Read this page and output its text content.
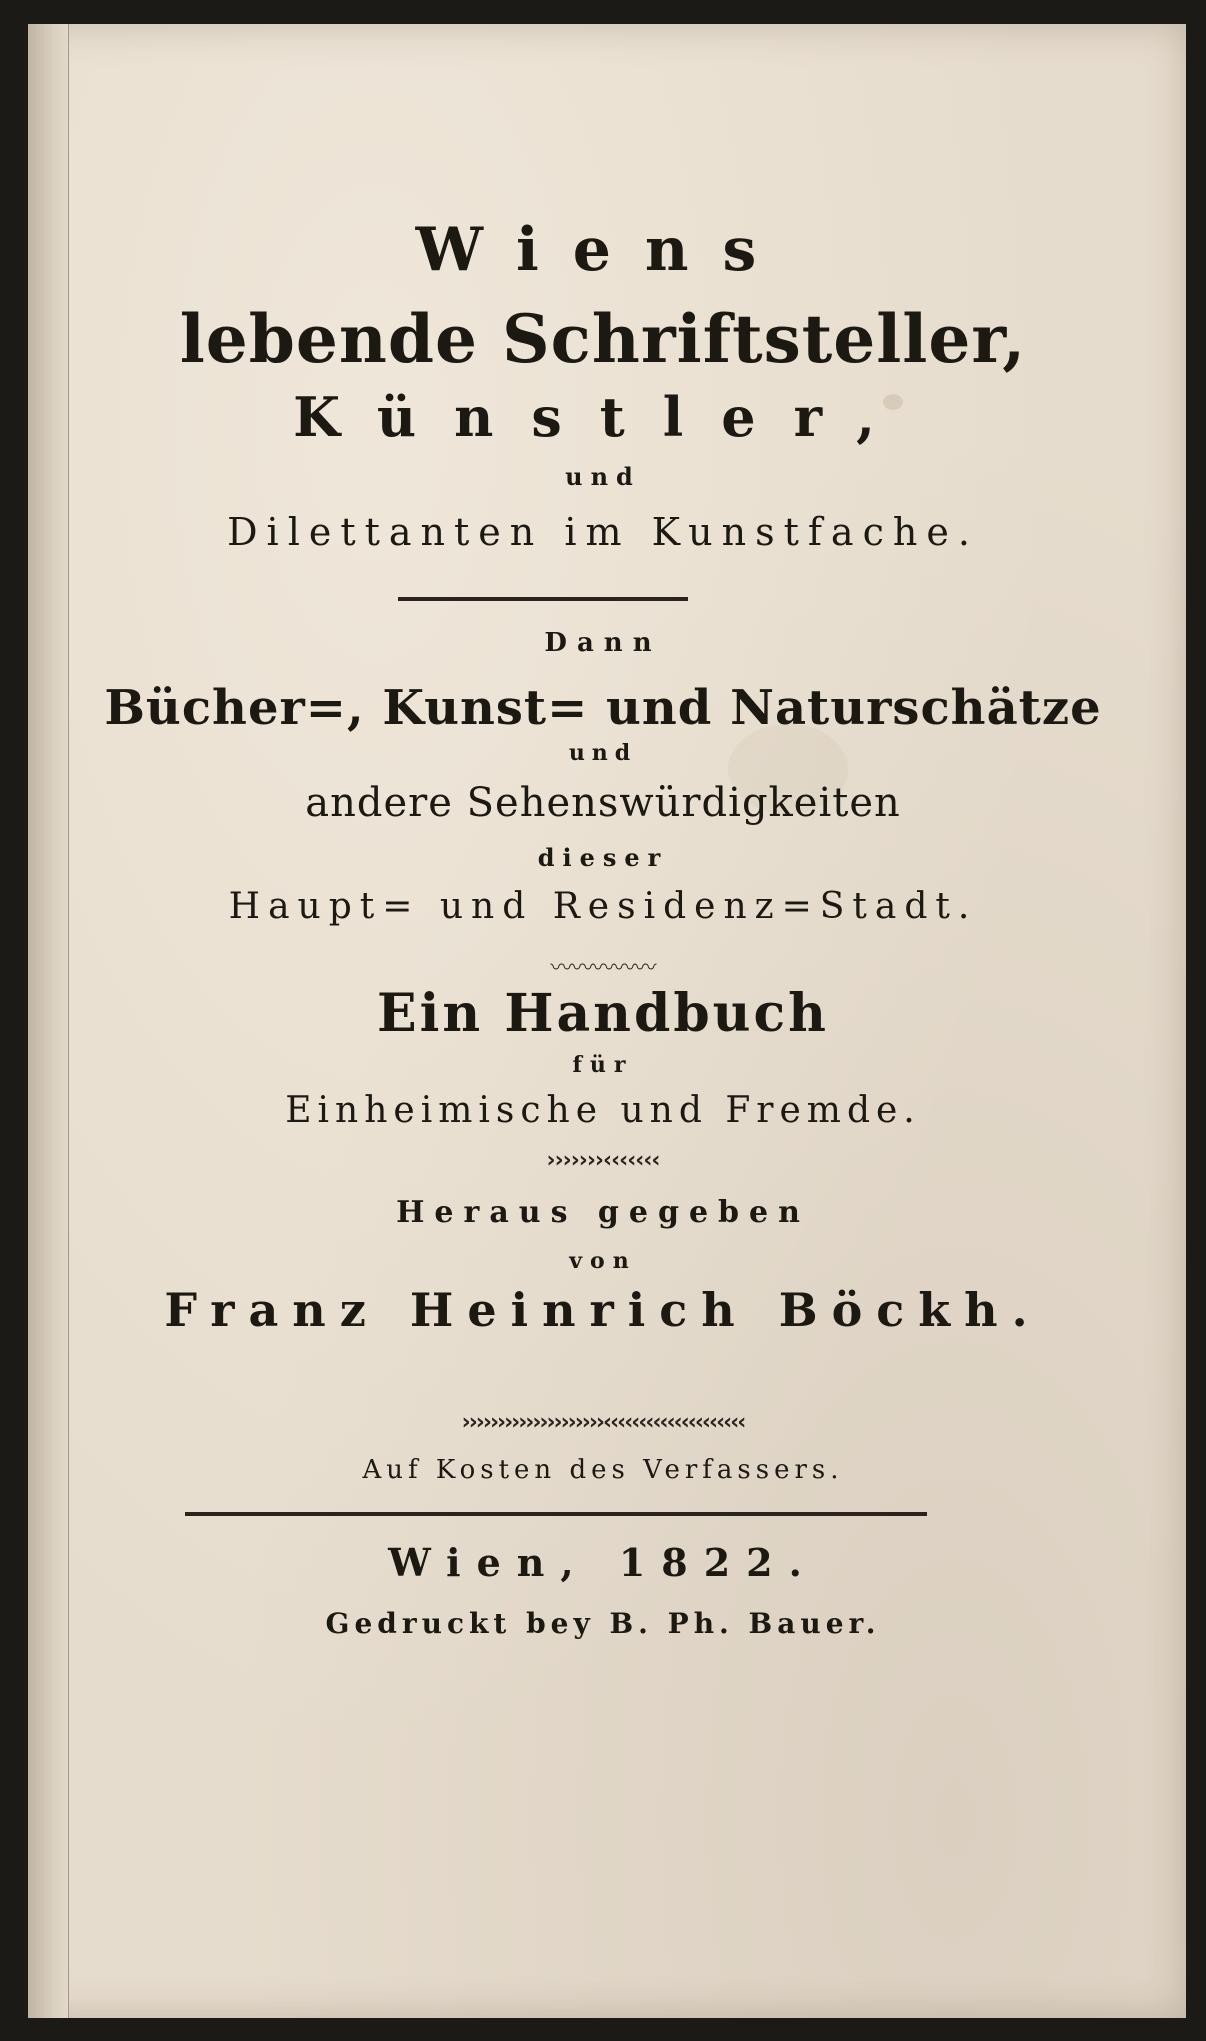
Wiens

lebende Schriftsteller,

Künstler,

und

Dilettanten im Kunstfache.

Dann

Bücher=, Kunst= und Naturschätze

und

andere Sehenswürdigkeiten

dieser

Haupt= und Residenz=Stadt.

〰〰〰〰〰

Ein Handbuch

für

Einheimische und Fremde.

›››››››‹‹‹‹‹‹‹

Heraus gegeben

von

Franz Heinrich Böckh.

››››››››››››››››››››‹‹‹‹‹‹‹‹‹‹‹‹‹‹‹‹‹‹‹‹

Auf Kosten des Verfassers.

Wien, 1822.

Gedruckt bey B. Ph. Bauer.
